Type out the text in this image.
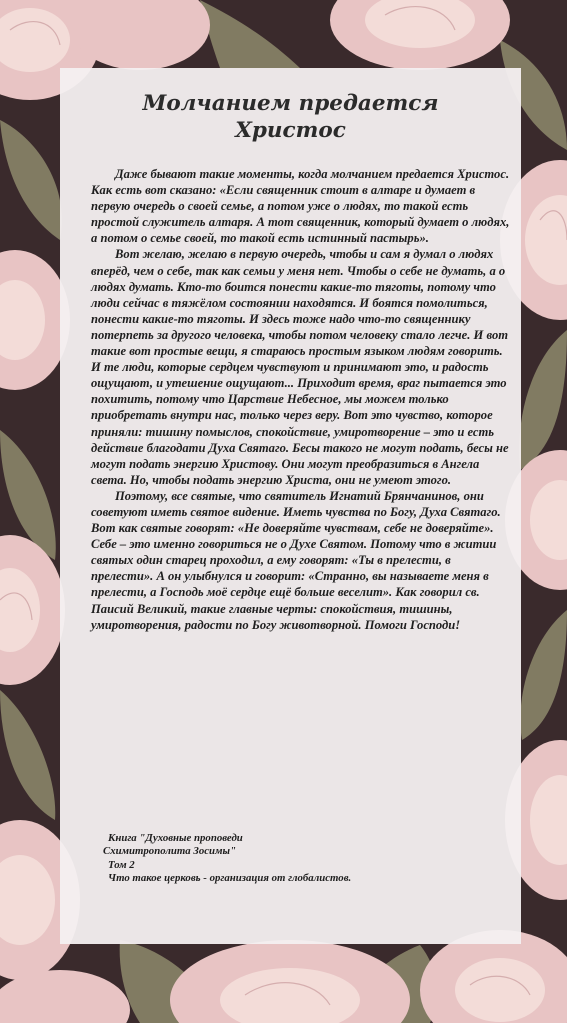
Молчанием предается
Христос

Даже бывают такие моменты, когда молчанием предается Христос. Как есть вот сказано: «Если священник стоит в алтаре и думает в первую очередь о своей семье, а потом уже о людях, то такой есть простой служитель алтаря. А тот священник, который думает о людях, а потом о семье своей, то такой есть истинный пастырь».

Вот желаю, желаю в первую очередь, чтобы и сам я думал о людях вперёд, чем о себе, так как семьи у меня нет. Чтобы о себе не думать, а о людях думать. Кто-то боится понести какие-то тяготы, потому что люди сейчас в тяжёлом состоянии находятся. И боятся помолиться, понести какие-то тяготы. И здесь тоже надо что-то священнику потерпеть за другого человека, чтобы потом человеку стало легче. И вот такие вот простые вещи, я стараюсь простым языком людям говорить. И те люди, которые сердцем чувствуют и принимают это, и радость ощущают, и утешение ощущают... Приходит время, враг пытается это похитить, потому что Царствие Небесное, мы можем только приобретать внутри нас, только через веру. Вот это чувство, которое приняли: тишину помыслов, спокойствие, умиротворение – это и есть действие благодати Духа Святаго. Бесы такого не могут подать, бесы не могут подать энергию Христову. Они могут преобразиться в Ангела света. Но, чтобы подать энергию Христа, они не умеют этого.

Поэтому, все святые, что святитель Игнатий Брянчанинов, они советуют иметь святое видение. Иметь чувства по Богу, Духа Святаго. Вот как святые говорят: «Не доверяйте чувствам, себе не доверяйте». Себе – это именно говориться не о Духе Святом. Потому что в житии святых один старец проходил, а ему говорят: «Ты в прелести, в прелести». А он улыбнулся и говорит: «Странно, вы называете меня в прелести, а Господь моё сердце ещё больше веселит». Как говорил св. Паисий Великий, такие главные черты: спокойствия, тишины, умиротворения, радости по Богу животворной. Помоги Господи!

Книга "Духовные проповеди
Схимитрополита Зосимы"
Том 2
Что такое церковь - организация от глобалистов.
